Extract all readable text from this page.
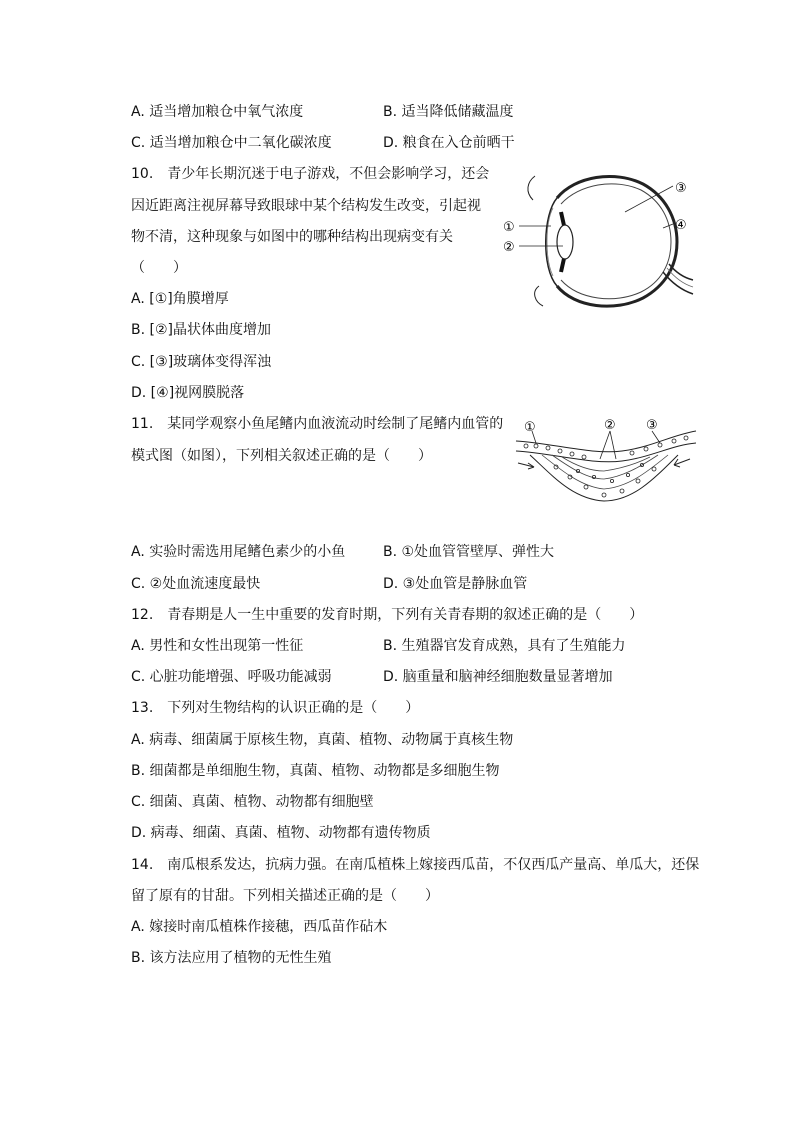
A. 适当增加粮仓中氧气浓度	B. 适当降低储藏温度
C. 适当增加粮仓中二氧化碳浓度	D. 粮食在入仓前晒干
10.　青少年长期沉迷于电子游戏，不但会影响学习，还会
因近距离注视屏幕导致眼球中某个结构发生改变，引起视
物不清，这种现象与如图中的哪种结构出现病变有关
（　　）
A. [①]角膜增厚
B. [②]晶状体曲度增加
C. [③]玻璃体变得浑浊
D. [④]视网膜脱落
①
②
③
④
11.　某同学观察小鱼尾鳍内血液流动时绘制了尾鳍内血管的
模式图（如图），下列相关叙述正确的是（　　）
①	② ③
A. 实验时需选用尾鳍色素少的小鱼	B. ①处血管管壁厚、弹性大
C. ②处血流速度最快	D. ③处血管是静脉血管
12.　青春期是人一生中重要的发育时期，下列有关青春期的叙述正确的是（　　）
A. 男性和女性出现第一性征	B. 生殖器官发育成熟，具有了生殖能力
C. 心脏功能增强、呼吸功能减弱	D. 脑重量和脑神经细胞数量显著增加
13.　下列对生物结构的认识正确的是（　　）
A. 病毒、细菌属于原核生物，真菌、植物、动物属于真核生物
B. 细菌都是单细胞生物，真菌、植物、动物都是多细胞生物
C. 细菌、真菌、植物、动物都有细胞壁
D. 病毒、细菌、真菌、植物、动物都有遗传物质
14.　南瓜根系发达，抗病力强。在南瓜植株上嫁接西瓜苗，不仅西瓜产量高、单瓜大，还保
留了原有的甘甜。下列相关描述正确的是（　　）
A. 嫁接时南瓜植株作接穗，西瓜苗作砧木
B. 该方法应用了植物的无性生殖
